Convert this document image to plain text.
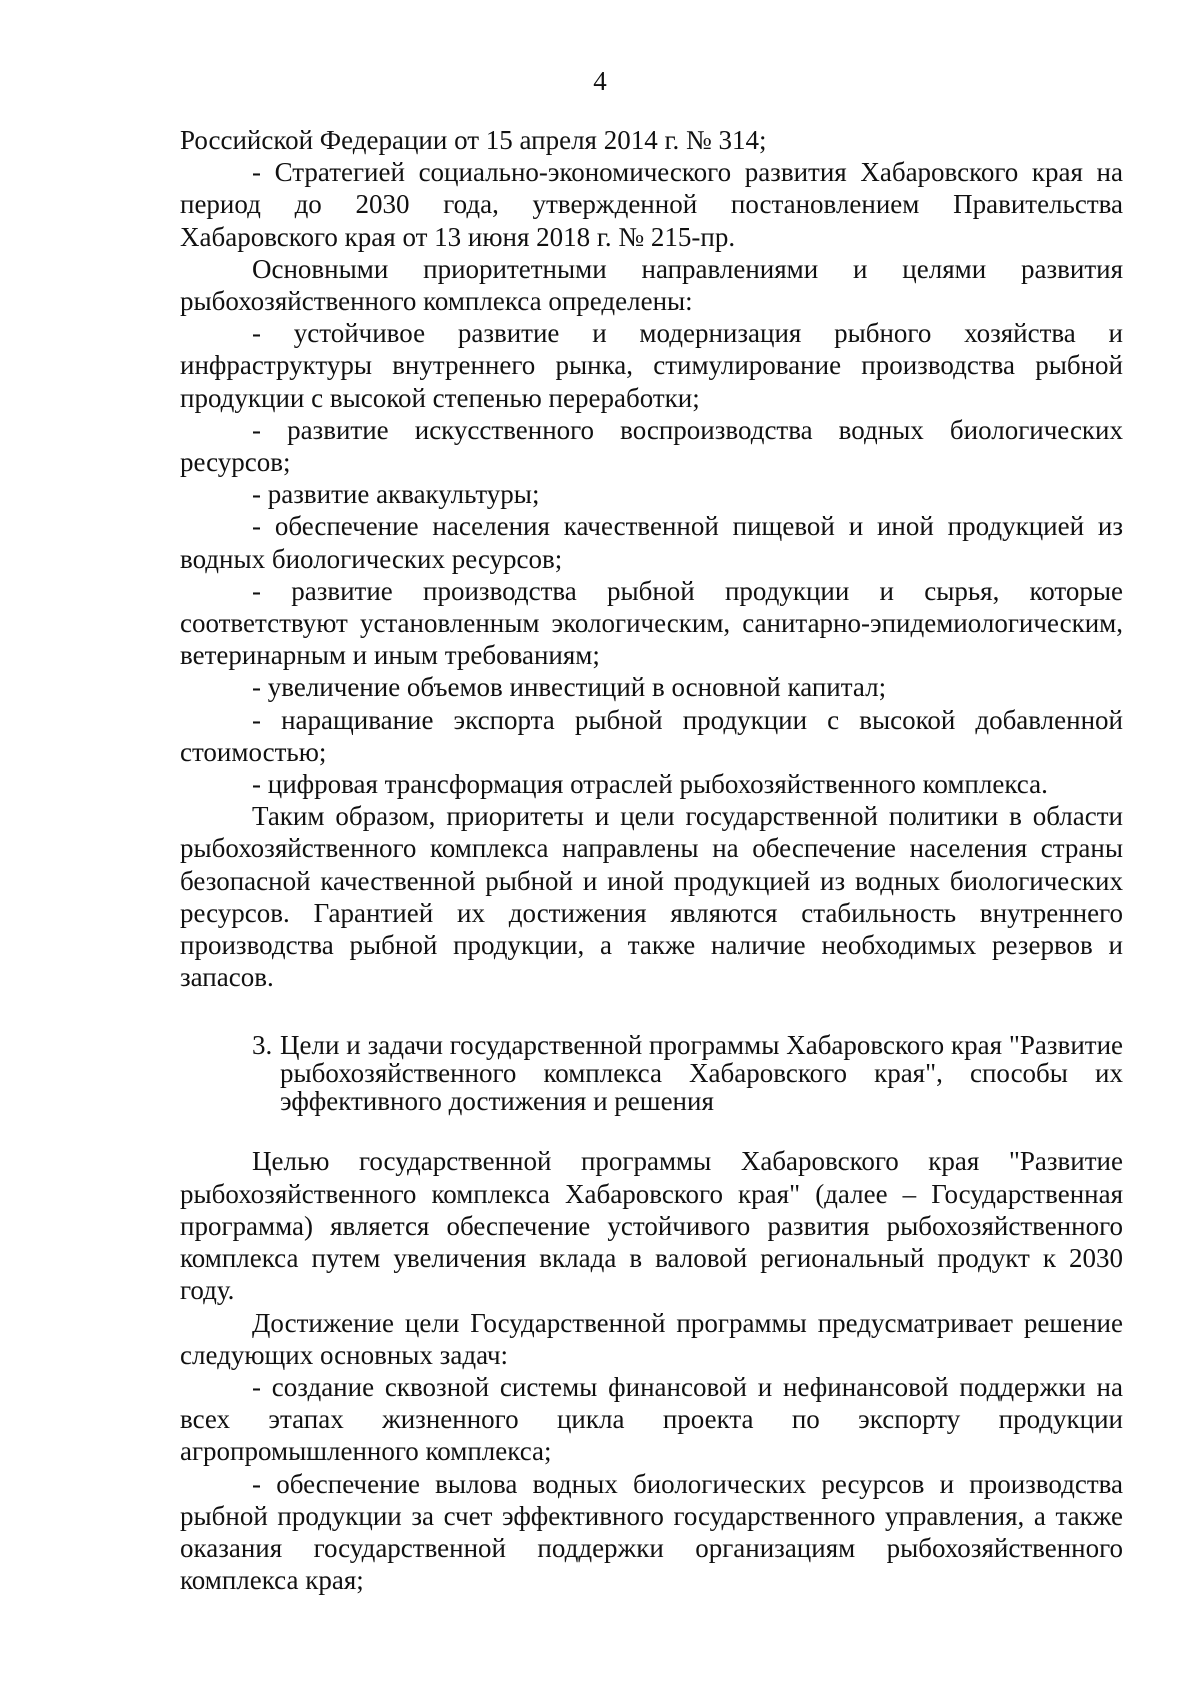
4

Российской Федерации от 15 апреля 2014 г. № 314;

- Стратегией социально-экономического развития Хабаровского края на период до 2030 года, утвержденной постановлением Правительства Хабаровского края от 13 июня 2018 г. № 215-пр.

Основными приоритетными направлениями и целями развития рыбохозяйственного комплекса определены:

- устойчивое развитие и модернизация рыбного хозяйства и инфраструктуры внутреннего рынка, стимулирование производства рыбной продукции с высокой степенью переработки;

- развитие искусственного воспроизводства водных биологических ресурсов;

- развитие аквакультуры;

- обеспечение населения качественной пищевой и иной продукцией из водных биологических ресурсов;

- развитие производства рыбной продукции и сырья, которые соответствуют установленным экологическим, санитарно-эпидемиологическим, ветеринарным и иным требованиям;

- увеличение объемов инвестиций в основной капитал;

- наращивание экспорта рыбной продукции с высокой добавленной стоимостью;

- цифровая трансформация отраслей рыбохозяйственного комплекса.

Таким образом, приоритеты и цели государственной политики в области рыбохозяйственного комплекса направлены на обеспечение населения страны безопасной качественной рыбной и иной продукцией из водных биологических ресурсов. Гарантией их достижения являются стабильность внутреннего производства рыбной продукции, а также наличие необходимых резервов и запасов.

3. Цели и задачи государственной программы Хабаровского края "Развитие рыбохозяйственного комплекса Хабаровского края", способы их эффективного достижения и решения

Целью государственной программы Хабаровского края "Развитие рыбохозяйственного комплекса Хабаровского края" (далее – Государственная программа) является обеспечение устойчивого развития рыбохозяйственного комплекса путем увеличения вклада в валовой региональный продукт к 2030 году.

Достижение цели Государственной программы предусматривает решение следующих основных задач:

- создание сквозной системы финансовой и нефинансовой поддержки на всех этапах жизненного цикла проекта по экспорту продукции агропромышленного комплекса;

- обеспечение вылова водных биологических ресурсов и производства рыбной продукции за счет эффективного государственного управления, а также оказания государственной поддержки организациям рыбохозяйственного комплекса края;
